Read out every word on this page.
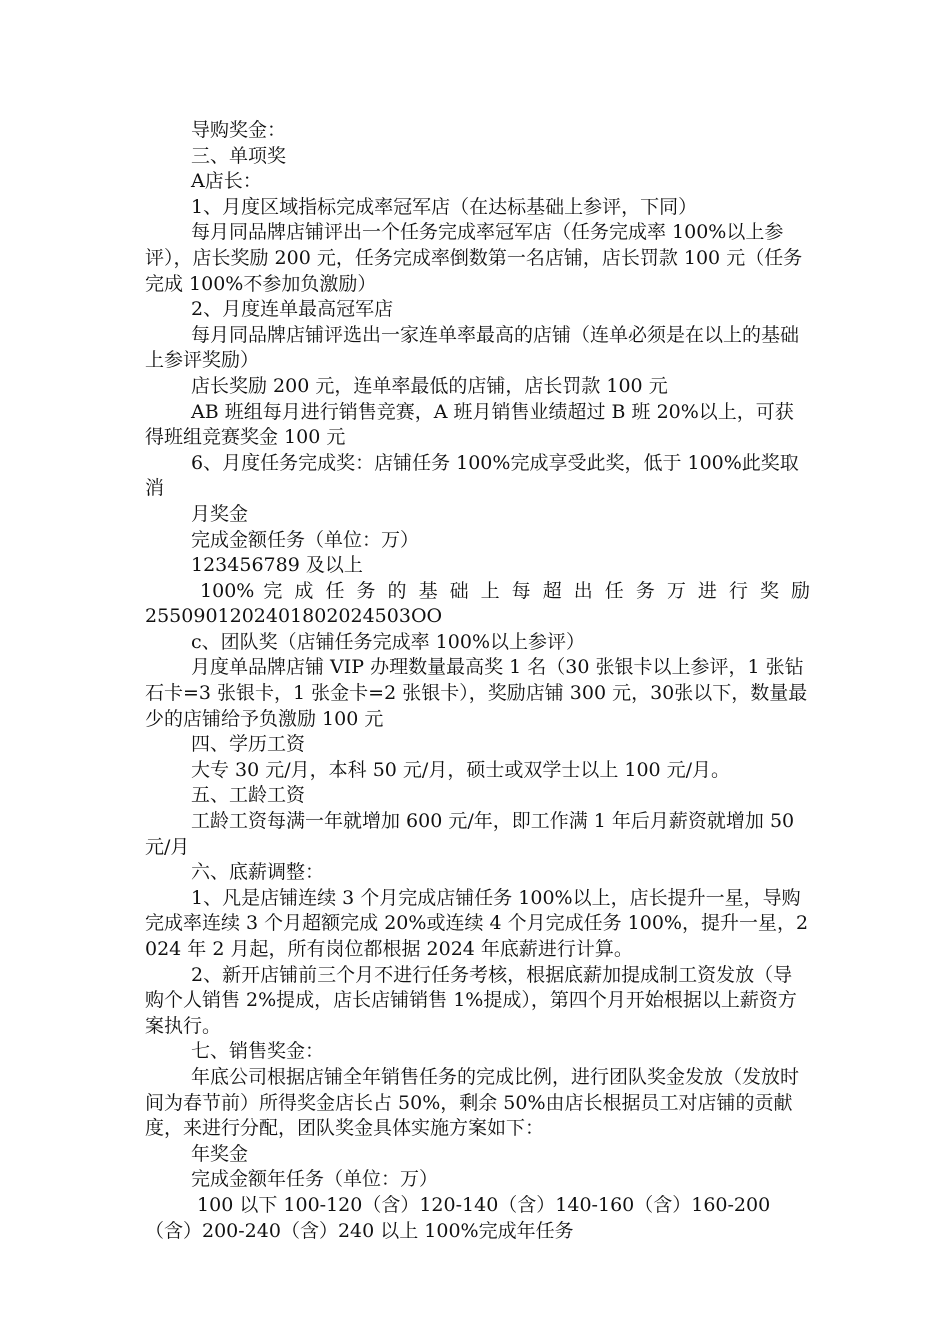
导购奖金：

三、单项奖

A店长：

1、月度区域指标完成率冠军店（在达标基础上参评，下同）

每月同品牌店铺评出一个任务完成率冠军店（任务完成率 100%以上参评），店长奖励 200 元，任务完成率倒数第一名店铺，店长罚款 100 元（任务完成 100%不参加负激励）

2、月度连单最高冠军店

每月同品牌店铺评选出一家连单率最高的店铺（连单必须是在以上的基础上参评奖励）

店长奖励 200 元，连单率最低的店铺，店长罚款 100 元

AB 班组每月进行销售竞赛，A 班月销售业绩超过 B 班 20%以上，可获得班组竞赛奖金 100 元

6、月度任务完成奖：店铺任务 100%完成享受此奖，低于 100%此奖取消

月奖金

完成金额任务（单位：万）

123456789 及以上

100% 完 成 任 务 的 基 础 上 每 超 出 任 务 万 进 行 奖 励

2550901202401802024503OO

c、团队奖（店铺任务完成率 100%以上参评）

月度单品牌店铺 VIP 办理数量最高奖 1 名（30 张银卡以上参评，1 张钻石卡=3 张银卡，1 张金卡=2 张银卡），奖励店铺 300 元，30张以下，数量最少的店铺给予负激励 100 元

四、学历工资

大专 30 元/月，本科 50 元/月，硕士或双学士以上 100 元/月。

五、工龄工资

工龄工资每满一年就增加 600 元/年，即工作满 1 年后月薪资就增加 50 元/月

六、底薪调整：

1、凡是店铺连续 3 个月完成店铺任务 100%以上，店长提升一星，导购完成率连续 3 个月超额完成 20%或连续 4 个月完成任务 100%，提升一星，2024 年 2 月起，所有岗位都根据 2024 年底薪进行计算。

2、新开店铺前三个月不进行任务考核，根据底薪加提成制工资发放（导购个人销售 2%提成，店长店铺销售 1%提成），第四个月开始根据以上薪资方案执行。

七、销售奖金：

年底公司根据店铺全年销售任务的完成比例，进行团队奖金发放（发放时间为春节前）所得奖金店长占 50%，剩余 50%由店长根据员工对店铺的贡献度，来进行分配，团队奖金具体实施方案如下：

年奖金

完成金额年任务（单位：万）

100 以下 100-120（含）120-140（含）140-160（含）160-200（含）200-240（含）240 以上 100%完成年任务
